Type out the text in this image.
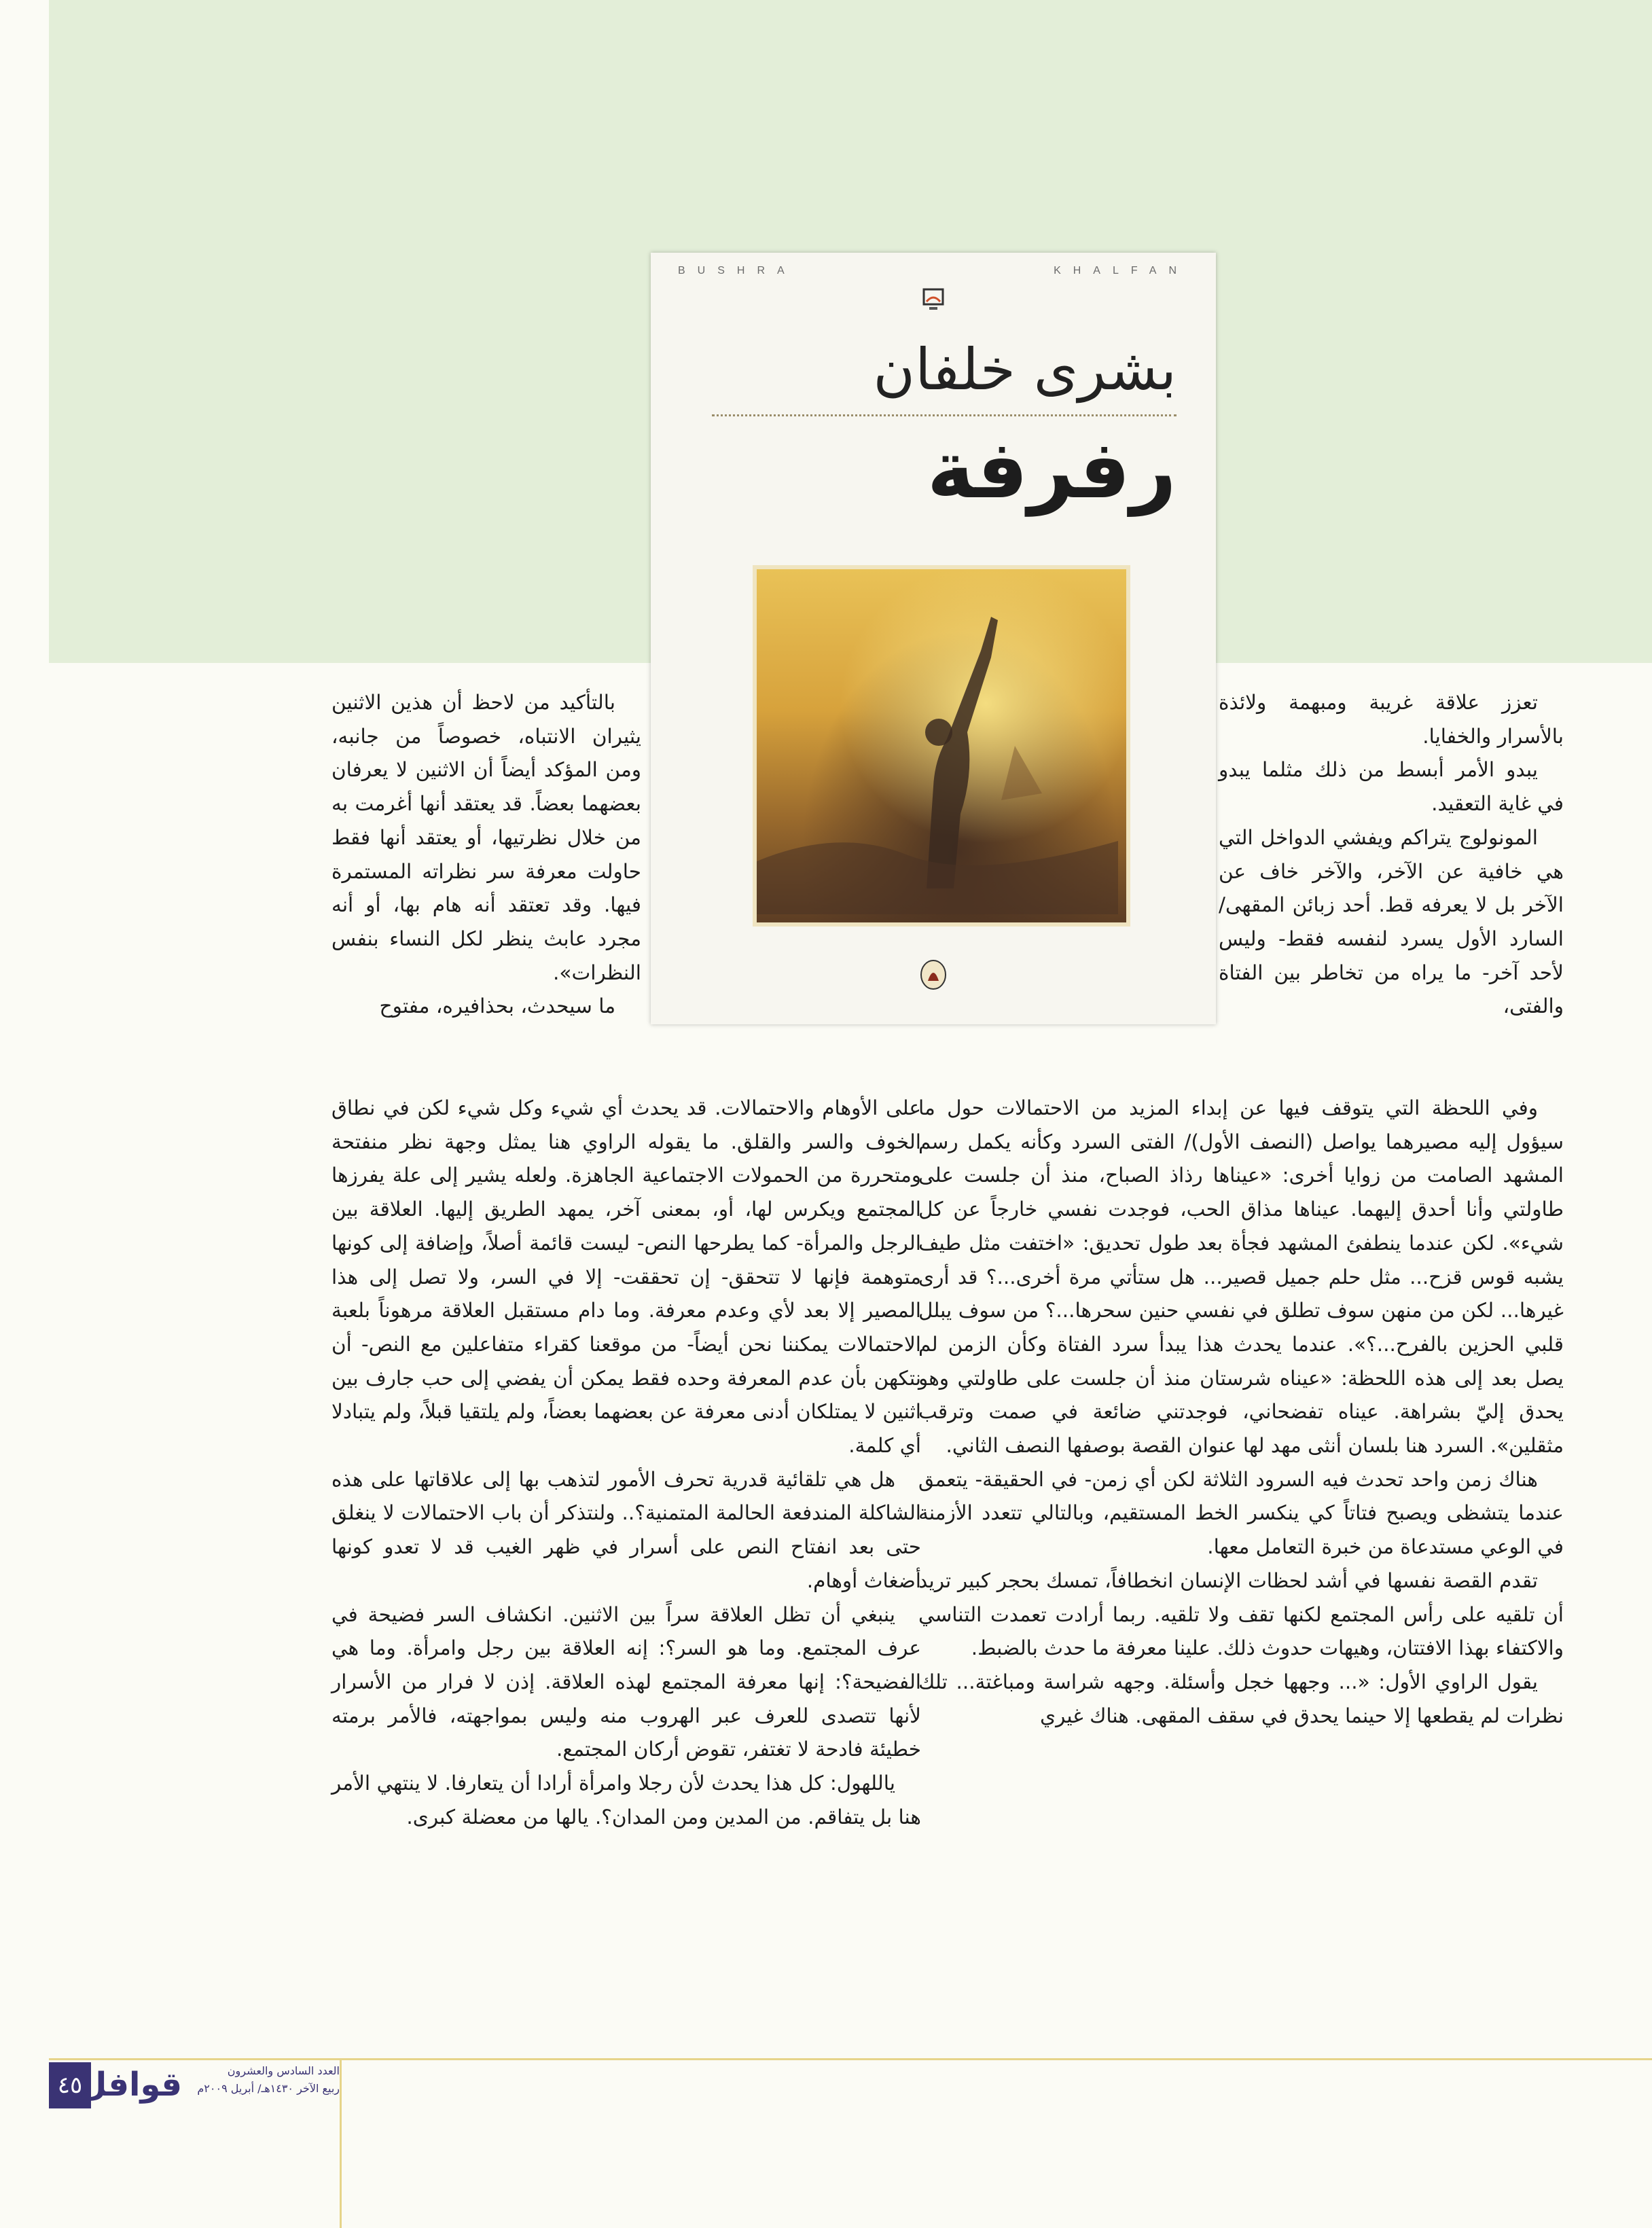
BUSHRA	KHALFAN
بشرى خلفان
رفرفة

تعزز علاقة غريبة ومبهمة ولائذة بالأسرار والخفايا.

يبدو الأمر أبسط من ذلك مثلما يبدو في غاية التعقيد.

المونولوج يتراكم ويفشي الدواخل التي هي خافية عن الآخر، والآخر خاف عن الآخر بل لا يعرفه قط. أحد زبائن المقهى/ السارد الأول يسرد لنفسه فقط- وليس لأحد آخر- ما يراه من تخاطر بين الفتاة والفتى،

وفي اللحظة التي يتوقف فيها عن إبداء المزيد من الاحتمالات حول ما سيؤول إليه مصيرهما يواصل (النصف الأول)/ الفتى السرد وكأنه يكمل رسم المشهد الصامت من زوايا أخرى: «عيناها رذاذ الصباح، منذ أن جلست على طاولتي وأنا أحدق إليهما. عيناها مذاق الحب، فوجدت نفسي خارجاً عن كل شيء». لكن عندما ينطفئ المشهد فجأة بعد طول تحديق: «اختفت مثل طيف يشبه قوس قزح... مثل حلم جميل قصير... هل ستأتي مرة أخرى...؟ قد أرى غيرها... لكن من منهن سوف تطلق في نفسي حنين سحرها...؟ من سوف يبلل قلبي الحزين بالفرح...؟». عندما يحدث هذا يبدأ سرد الفتاة وكأن الزمن لم يصل بعد إلى هذه اللحظة: «عيناه شرستان منذ أن جلست على طاولتي وهو يحدق إليّ بشراهة. عيناه تفضحاني، فوجدتني ضائعة في صمت وترقب مثقلين». السرد هنا بلسان أنثى مهد لها عنوان القصة بوصفها النصف الثاني.

هناك زمن واحد تحدث فيه السرود الثلاثة لكن أي زمن- في الحقيقة- يتعمق عندما يتشظى ويصبح فتاتاً كي ينكسر الخط المستقيم، وبالتالي تتعدد الأزمنة في الوعي مستدعاة من خبرة التعامل معها.

تقدم القصة نفسها في أشد لحظات الإنسان انخطافاً، تمسك بحجر كبير تريد أن تلقيه على رأس المجتمع لكنها تقف ولا تلقيه. ربما أرادت تعمدت التناسي والاكتفاء بهذا الافتتان، وهيهات حدوث ذلك. علينا معرفة ما حدث بالضبط.

يقول الراوي الأول: «... وجهها خجل وأسئلة. وجهه شراسة ومباغتة... تلك نظرات لم يقطعها إلا حينما يحدق في سقف المقهى. هناك غيري

بالتأكيد من لاحظ أن هذين الاثنين يثيران الانتباه، خصوصاً من جانبه، ومن المؤكد أيضاً أن الاثنين لا يعرفان بعضهما بعضاً. قد يعتقد أنها أغرمت به من خلال نظرتيها، أو يعتقد أنها فقط حاولت معرفة سر نظراته المستمرة فيها. وقد تعتقد أنه هام بها، أو أنه مجرد عابث ينظر لكل النساء بنفس النظرات».

ما سيحدث، بحذافيره، مفتوح

على الأوهام والاحتمالات. قد يحدث أي شيء وكل شيء لكن في نطاق الخوف والسر والقلق. ما يقوله الراوي هنا يمثل وجهة نظر منفتحة ومتحررة من الحمولات الاجتماعية الجاهزة. ولعله يشير إلى علة يفرزها المجتمع ويكرس لها، أو، بمعنى آخر، يمهد الطريق إليها. العلاقة بين الرجل والمرأة- كما يطرحها النص- ليست قائمة أصلاً، وإضافة إلى كونها متوهمة فإنها لا تتحقق- إن تحققت- إلا في السر، ولا تصل إلى هذا المصير إلا بعد لأي وعدم معرفة. وما دام مستقبل العلاقة مرهوناً بلعبة الاحتمالات يمكننا نحن أيضاً- من موقعنا كقراء متفاعلين مع النص- أن نتكهن بأن عدم المعرفة وحده فقط يمكن أن يفضي إلى حب جارف بين اثنين لا يمتلكان أدنى معرفة عن بعضهما بعضاً، ولم يلتقيا قبلاً، ولم يتبادلا أي كلمة.

هل هي تلقائية قدرية تحرف الأمور لتذهب بها إلى علاقاتها على هذه الشاكلة المندفعة الحالمة المتمنية؟.. ولنتذكر أن باب الاحتمالات لا ينغلق حتى بعد انفتاح النص على أسرار في ظهر الغيب قد لا تعدو كونها أضغاث أوهام.

ينبغي أن تظل العلاقة سراً بين الاثنين. انكشاف السر فضيحة في عرف المجتمع. وما هو السر؟: إنه العلاقة بين رجل وامرأة. وما هي الفضيحة؟: إنها معرفة المجتمع لهذه العلاقة. إذن لا فرار من الأسرار لأنها تتصدى للعرف عبر الهروب منه وليس بمواجهته، فالأمر برمته خطيئة فادحة لا تغتفر، تقوض أركان المجتمع.

ياللهول: كل هذا يحدث لأن رجلا وامرأة أرادا أن يتعارفا. لا ينتهي الأمر هنا بل يتفاقم. من المدين ومن المدان؟. يالها من معضلة كبرى.

٤٥
قوافل	العدد السادس والعشرون
ربيع الآخر ١٤٣٠هـ/ أبريل ٢٠٠٩م
